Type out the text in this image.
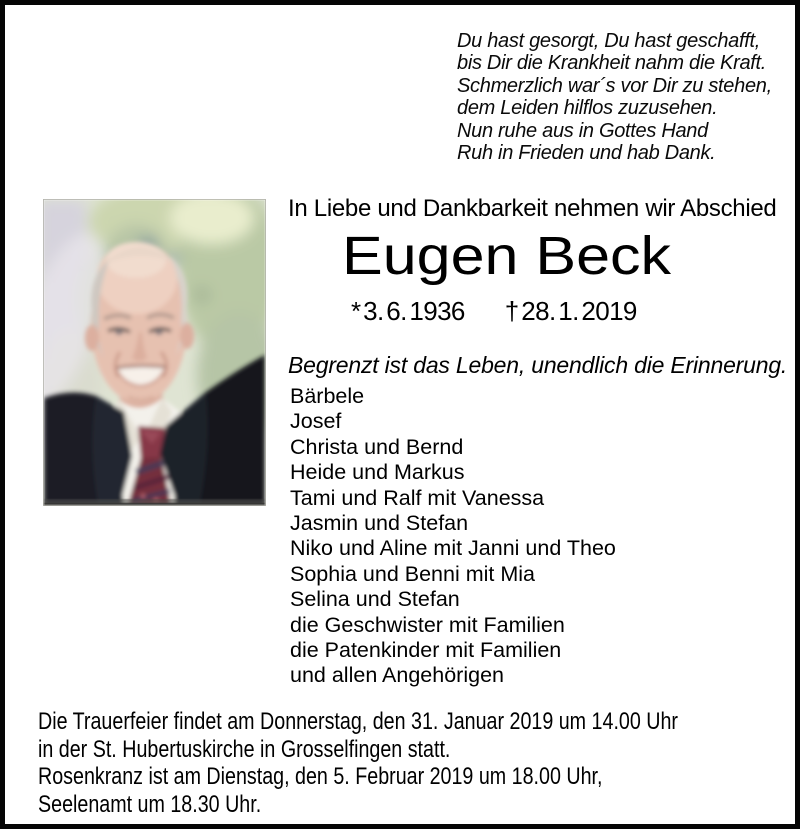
Du hast gesorgt, Du hast geschafft,
bis Dir die Krankheit nahm die Kraft.
Schmerzlich war´s vor Dir zu stehen,
dem Leiden hilflos zuzusehen.
Nun ruhe aus in Gottes Hand
Ruh in Frieden und hab Dank.
In Liebe und Dankbarkeit nehmen wir Abschied
Eugen Beck
* 3. 6. 1936 † 28. 1. 2019
Begrenzt ist das Leben, unendlich die Erinnerung.
Bärbele
Josef
Christa und Bernd
Heide und Markus
Tami und Ralf mit Vanessa
Jasmin und Stefan
Niko und Aline mit Janni und Theo
Sophia und Benni mit Mia
Selina und Stefan
die Geschwister mit Familien
die Patenkinder mit Familien
und allen Angehörigen
Die Trauerfeier findet am Donnerstag, den 31. Januar 2019 um 14.00 Uhr
in der St. Hubertuskirche in Grosselfingen statt.
Rosenkranz ist am Dienstag, den 5. Februar 2019 um 18.00 Uhr,
Seelenamt um 18.30 Uhr.
